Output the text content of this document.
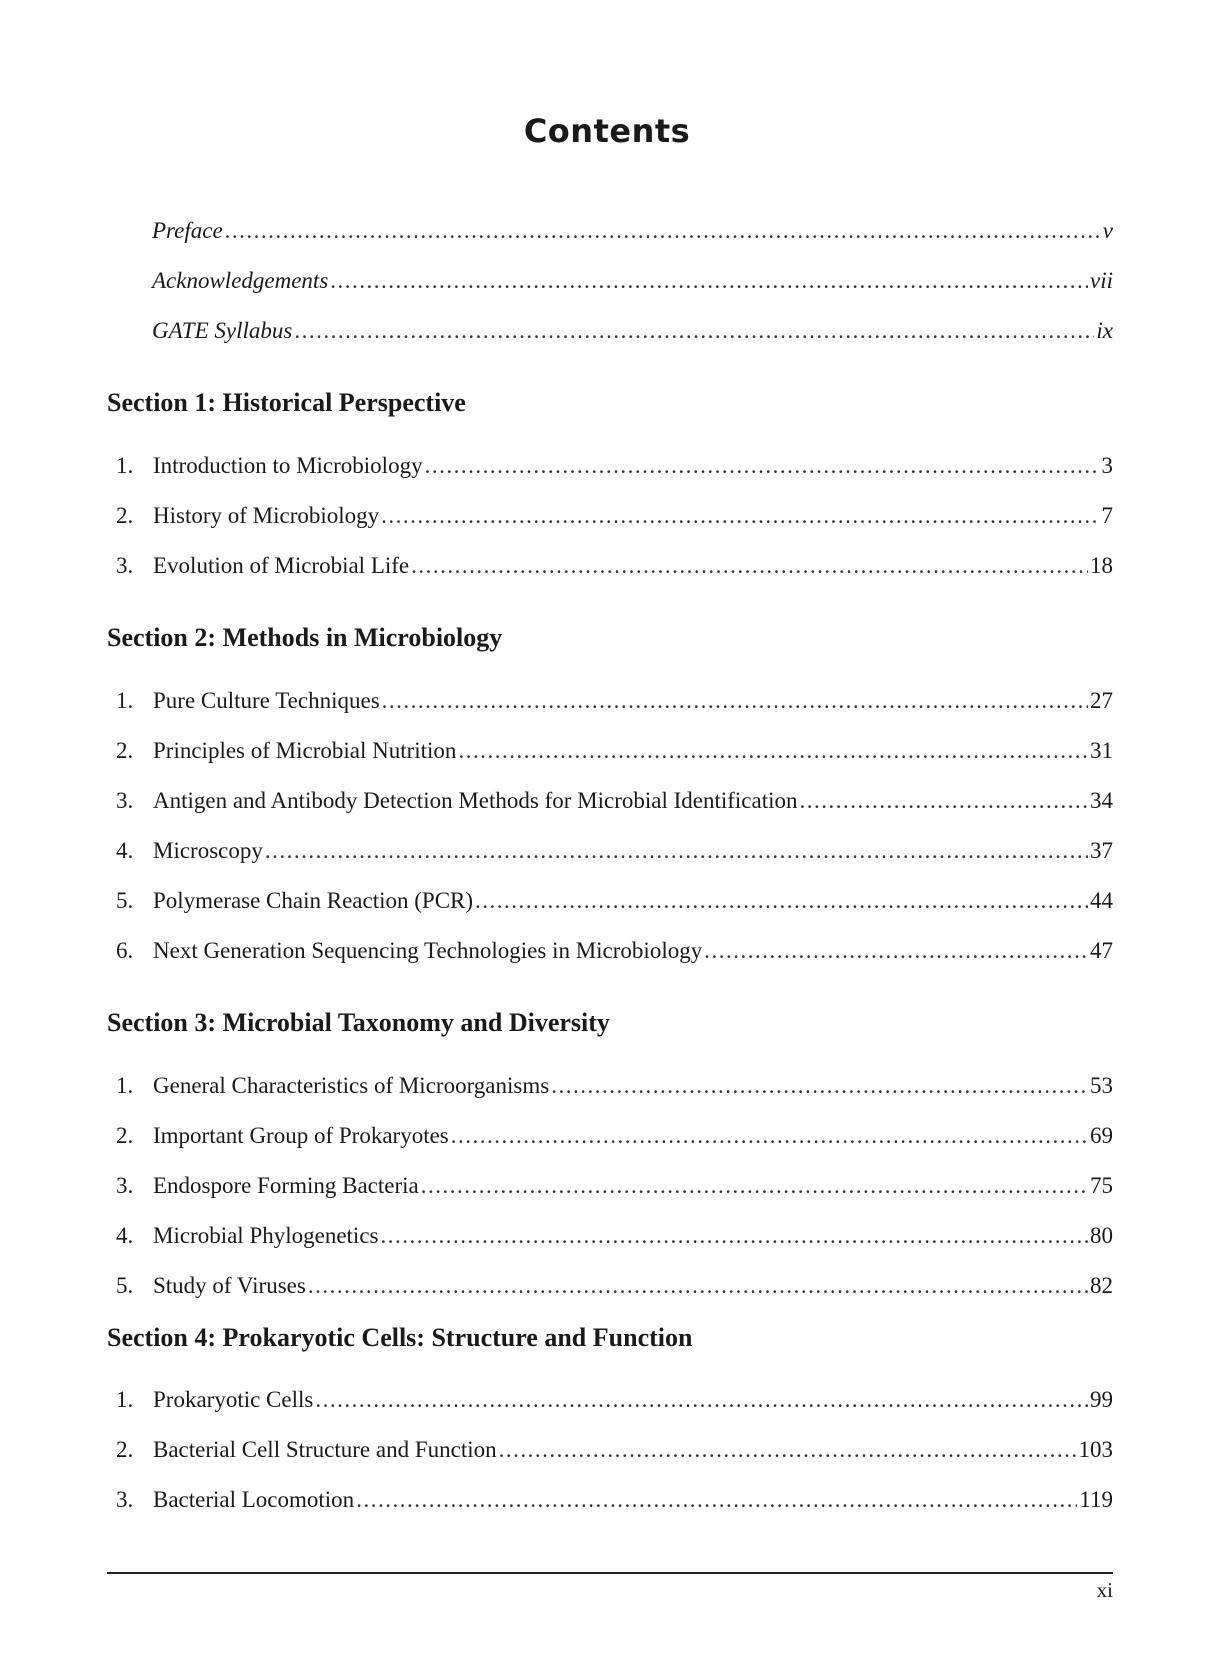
Contents
Preface .....	v
Acknowledgements .....	vii
GATE Syllabus .....	ix
Section 1: Historical Perspective
1. Introduction to Microbiology .....	3
2. History of Microbiology .....	7
3. Evolution of Microbial Life .....	18
Section 2: Methods in Microbiology
1. Pure Culture Techniques .....	27
2. Principles of Microbial Nutrition .....	31
3. Antigen and Antibody Detection Methods for Microbial Identification .....	34
4. Microscopy .....	37
5. Polymerase Chain Reaction (PCR) .....	44
6. Next Generation Sequencing Technologies in Microbiology .....	47
Section 3: Microbial Taxonomy and Diversity
1. General Characteristics of Microorganisms .....	53
2. Important Group of Prokaryotes .....	69
3. Endospore Forming Bacteria .....	75
4. Microbial Phylogenetics .....	80
5. Study of Viruses .....	82
Section 4: Prokaryotic Cells: Structure and Function
1. Prokaryotic Cells .....	99
2. Bacterial Cell Structure and Function .....	103
3. Bacterial Locomotion .....	119
xi
